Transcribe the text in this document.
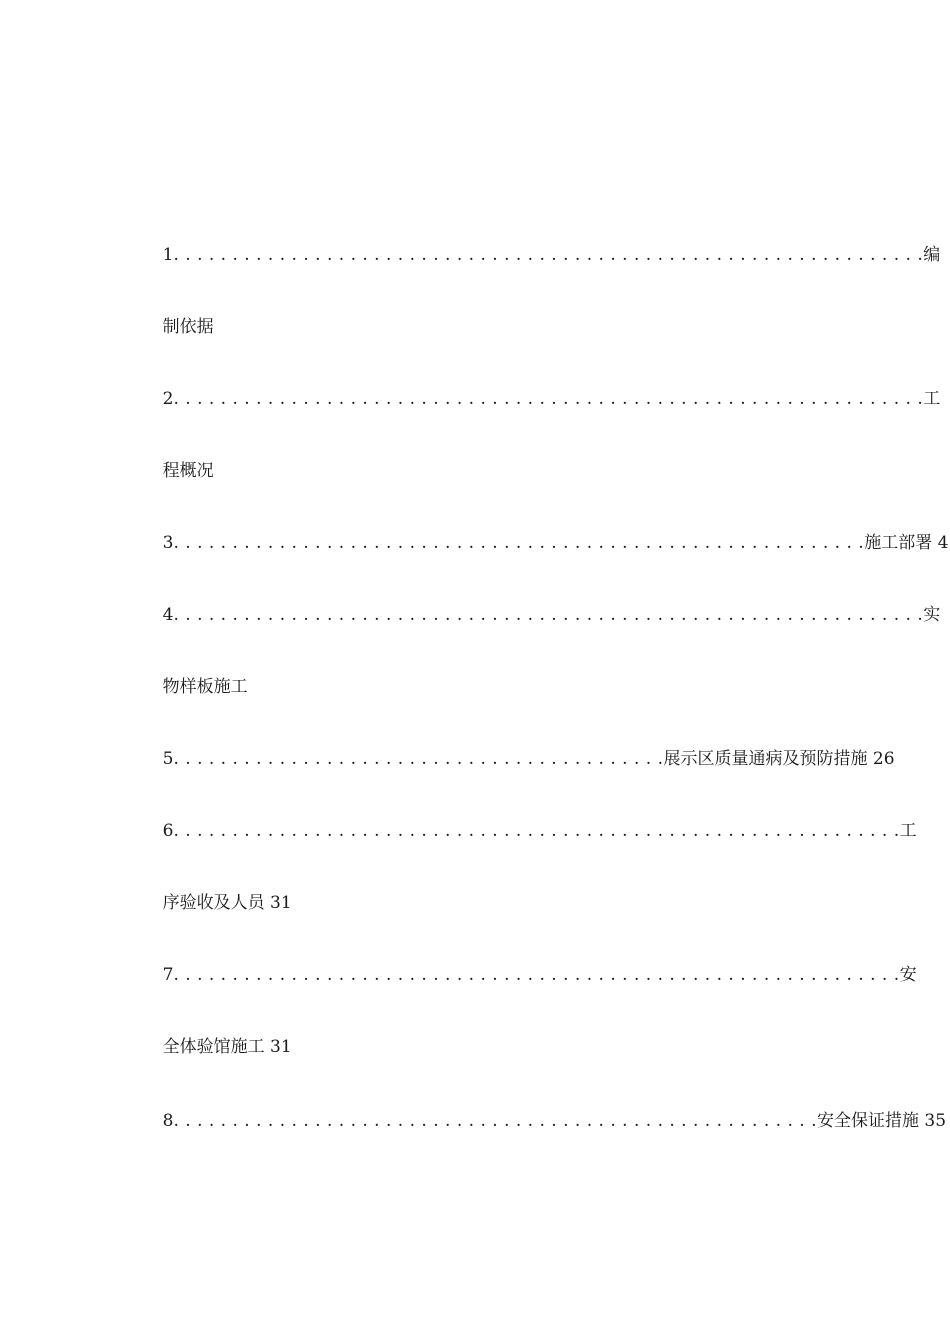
1. . . . . . . . . . . . . . . . . . . . . . . . . . . . . . . . . . . . . . . . . . . . . . . . . . . . . . . . . . . . . . . .编

制依据

2. . . . . . . . . . . . . . . . . . . . . . . . . . . . . . . . . . . . . . . . . . . . . . . . . . . . . . . . . . . . . . . .工

程概况

3. . . . . . . . . . . . . . . . . . . . . . . . . . . . . . . . . . . . . . . . . . . . . . . . . . . . . . . . . . .施工部署 4

4. . . . . . . . . . . . . . . . . . . . . . . . . . . . . . . . . . . . . . . . . . . . . . . . . . . . . . . . . . . . . . . .实

物样板施工

5. . . . . . . . . . . . . . . . . . . . . . . . . . . . . . . . . . . . . . . . . .展示区质量通病及预防措施 26

6. . . . . . . . . . . . . . . . . . . . . . . . . . . . . . . . . . . . . . . . . . . . . . . . . . . . . . . . . . . . . .工

序验收及人员 31

7. . . . . . . . . . . . . . . . . . . . . . . . . . . . . . . . . . . . . . . . . . . . . . . . . . . . . . . . . . . . . .安

全体验馆施工 31

8. . . . . . . . . . . . . . . . . . . . . . . . . . . . . . . . . . . . . . . . . . . . . . . . . . . . . . .安全保证措施 35
